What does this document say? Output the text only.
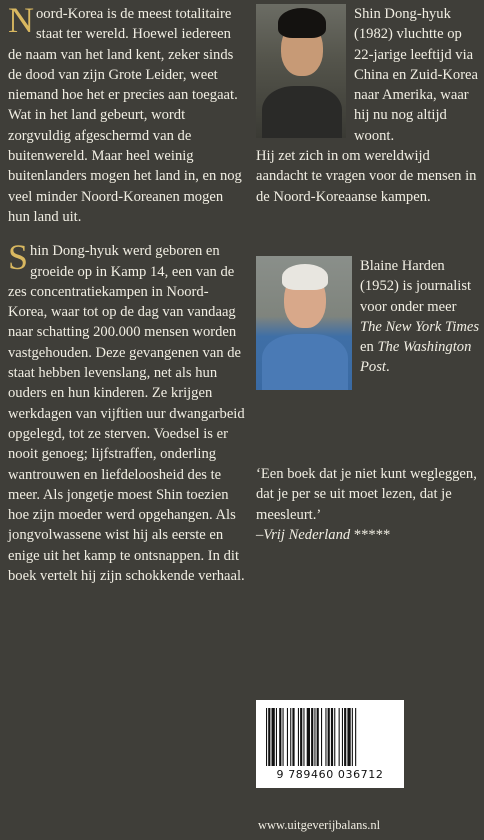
Noord-Korea is de meest totalitaire staat ter wereld. Hoewel iedereen de naam van het land kent, zeker sinds de dood van zijn Grote Leider, weet niemand hoe het er precies aan toegaat. Wat in het land gebeurt, wordt zorgvuldig afgeschermd van de buitenwereld. Maar heel weinig buitenlanders mogen het land in, en nog veel minder Noord-Koreanen mogen hun land uit.

Shin Dong-hyuk werd geboren en groeide op in Kamp 14, een van de zes concentratiekampen in Noord-Korea, waar tot op de dag van vandaag naar schatting 200.000 mensen worden vastgehouden. Deze gevangenen van de staat hebben levenslang, net als hun ouders en hun kinderen. Ze krijgen werkdagen van vijftien uur dwangarbeid opgelegd, tot ze sterven. Voedsel is er nooit genoeg; lijfstraffen, onderling wantrouwen en liefdeloosheid des te meer. Als jongetje moest Shin toezien hoe zijn moeder werd opgehangen. Als jongvolwassene wist hij als eerste en enige uit het kamp te ontsnappen. In dit boek vertelt hij zijn schokkende verhaal.

Shin Dong-hyuk (1982) vluchtte op 22-jarige leeftijd via China en Zuid-Korea naar Amerika, waar hij nu nog altijd woont.
Hij zet zich in om wereldwijd aandacht te vragen voor de mensen in de Noord-Koreaanse kampen.
Blaine Harden (1952) is journalist voor onder meer The New York Times en The Washington Post.
‘Een boek dat je niet kunt wegleggen, dat je per se uit moet lezen, dat je meesleurt.’
–Vrij Nederland *****
9 789460 036712
www.uitgeverijbalans.nl
